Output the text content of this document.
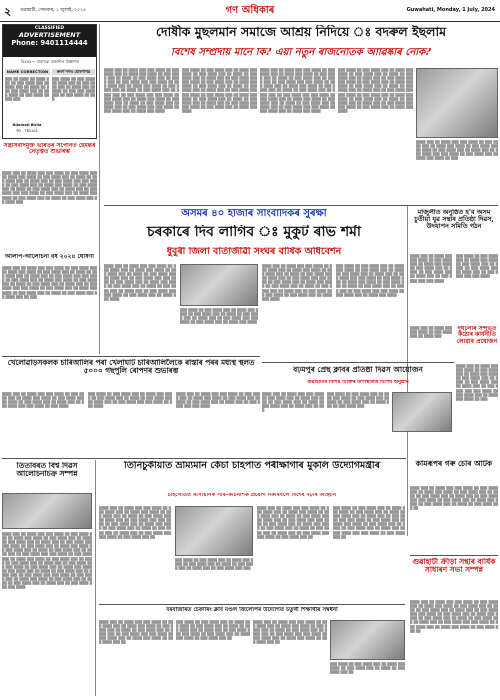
২	গুৱাহাটী, সোমবাৰ, ১ জুলাই, ২০২৪	গণ অধিকাৰ	Guwahati, Monday, 1 July, 2024
CLASSIFIED
ADVERTISEMENT
Phone: 9401114444
বিঃদ্ৰঃ— ৰাজহুৱা প্ৰকাশিত বিজ্ঞাপন
NAME CORRECTION	ৰুবৰ্ণ শপত ঘোষণাপত্ৰ
▒▒▒ ▒▒ ▒▒▒▒ ▒▒ ▒▒▒▒ ▒▒▒ ▒▒ ▒▒▒ ▒▒▒▒ ▒▒▒ ▒▒ ▒▒▒▒ ▒▒▒ ▒▒ ▒▒▒▒ ▒▒ ▒▒▒ ▒▒▒ ▒▒▒▒ ▒▒▒ ▒▒ ▒▒▒ ▒▒▒▒ ▒▒ ▒▒▒ ▒▒▒▒ ▒▒ ▒▒▒ ▒▒▒
▒▒▒ ▒▒▒▒ ▒▒ ▒▒▒ ▒▒▒▒ ▒▒ ▒▒▒▒ ▒▒▒ ▒▒ ▒▒▒ ▒▒▒▒ ▒▒▒ ▒▒ ▒▒▒▒ ▒▒▒ ▒▒ ▒▒▒▒ ▒▒ ▒▒▒ ▒▒▒ ▒▒▒▒ ▒▒▒ ▒▒ ▒▒▒ ▒▒▒▒ ▒▒ ▒▒▒
Nijamati Biriia
PO - 781102
সন্ত্ৰাসবাদমুক্ত ভাৰতৰ সপোনত হেমন্তৰ নেতৃত্বত শুভাৰম্ভ
▒▒▒▒ ▒▒▒ ▒▒ ▒▒▒▒ ▒▒▒ ▒▒▒ ▒▒▒▒ ▒▒ ▒▒▒ ▒▒▒▒ ▒▒▒ ▒▒ ▒▒▒▒ ▒▒▒ ▒▒▒▒ ▒▒ ▒▒▒ ▒▒▒▒ ▒▒▒ ▒▒ ▒▒▒▒ ▒▒ ▒▒▒ ▒▒▒▒ ▒▒▒ ▒▒ ▒▒▒▒ ▒▒▒ ▒▒ ▒▒▒ ▒▒▒▒ ▒▒▒ ▒▒▒ ▒▒▒▒ ▒▒ ▒▒▒ ▒▒▒▒ ▒▒▒ ▒▒ ▒▒▒▒ ▒▒▒ ▒▒▒▒ ▒▒ ▒▒▒ ▒▒▒▒ ▒▒▒ ▒▒ ▒▒▒▒ ▒▒ ▒▒▒ ▒▒▒▒ ▒▒▒ ▒▒ ▒▒▒▒ ▒▒▒ ▒▒ ▒▒▒ ▒▒▒▒ ▒▒▒ ▒▒▒ ▒▒▒▒ ▒▒ ▒▒▒ ▒▒▒▒ ▒▒▒ ▒▒ ▒▒▒▒ ▒▒▒ ▒▒▒▒ ▒▒ ▒▒▒ ▒▒▒▒ ▒▒▒ ▒▒ ▒▒▒▒ ▒▒ ▒▒▒ ▒▒▒▒ ▒▒▒ ▒▒ ▒▒▒▒ ▒▒▒
আলাপ-আলোচনা বৰ্ষ ২০২৪ ঘোষণা
▒▒▒▒ ▒▒▒ ▒▒ ▒▒▒▒ ▒▒▒ ▒▒▒ ▒▒▒▒ ▒▒ ▒▒▒ ▒▒▒▒ ▒▒▒ ▒▒ ▒▒▒▒ ▒▒▒ ▒▒▒▒ ▒▒ ▒▒▒ ▒▒▒▒ ▒▒▒ ▒▒ ▒▒▒▒ ▒▒ ▒▒▒ ▒▒▒▒ ▒▒▒ ▒▒ ▒▒▒▒ ▒▒▒ ▒▒ ▒▒▒ ▒▒▒▒ ▒▒▒ ▒▒▒ ▒▒▒▒ ▒▒ ▒▒▒ ▒▒▒▒ ▒▒▒ ▒▒ ▒▒▒▒ ▒▒▒ ▒▒▒▒ ▒▒ ▒▒▒ ▒▒▒▒ ▒▒▒ ▒▒ ▒▒▒▒ ▒▒ ▒▒▒ ▒▒▒▒ ▒▒▒ ▒▒ ▒▒▒▒ ▒▒▒ ▒▒ ▒▒▒ ▒▒▒▒ ▒▒▒ ▒▒▒ ▒▒▒▒ ▒▒ ▒▒▒ ▒▒▒▒ ▒▒▒ ▒▒ ▒▒▒▒ ▒▒▒ ▒▒▒▒ ▒▒ ▒▒▒ ▒▒▒▒ ▒▒▒ ▒▒ ▒▒▒▒ ▒▒ ▒▒▒ ▒▒▒▒ ▒▒▒ ▒▒ ▒▒▒▒ ▒▒▒ ▒▒ ▒▒▒
দোষীক মুছলমান সমাজে আশ্ৰয় নিদিয়ে ঃ বদৰুল ইছলাম
বিশেষ সম্প্ৰদায় মানে কি? এয়া নতুন ৰাজনৈতিক আৱিষ্কাৰ নেকি?
▒▒▒▒ ▒▒▒ ▒▒ ▒▒▒▒ ▒▒▒ ▒▒▒ ▒▒▒▒ ▒▒ ▒▒▒ ▒▒▒▒ ▒▒▒ ▒▒ ▒▒▒▒ ▒▒▒ ▒▒▒▒ ▒▒ ▒▒▒ ▒▒▒▒ ▒▒▒ ▒▒ ▒▒▒▒ ▒▒ ▒▒▒ ▒▒▒▒ ▒▒▒ ▒▒ ▒▒▒▒ ▒▒▒ ▒▒ ▒▒▒ ▒▒▒▒ ▒▒▒ ▒▒▒ ▒▒▒▒ ▒▒ ▒▒▒ ▒▒▒▒ ▒▒▒ ▒▒ ▒▒▒▒ ▒▒▒ ▒▒▒▒ ▒▒ ▒▒▒ ▒▒▒▒ ▒▒▒ ▒▒ ▒▒▒▒ ▒▒ ▒▒▒ ▒▒▒▒ ▒▒▒ ▒▒ ▒▒▒▒ ▒▒▒ ▒▒ ▒▒▒ ▒▒▒▒ ▒▒▒ ▒▒▒ ▒▒▒▒ ▒▒ ▒▒▒ ▒▒▒▒ ▒▒▒ ▒▒ ▒▒▒▒ ▒▒▒ ▒▒▒▒ ▒▒ ▒▒▒ ▒▒▒▒ ▒▒▒ ▒▒ ▒▒▒▒ ▒▒ ▒▒▒ ▒▒▒▒ ▒▒▒ ▒▒ ▒▒▒▒ ▒▒▒ ▒▒ ▒▒▒ ▒▒▒▒ ▒▒▒ ▒▒▒ ▒▒▒▒ ▒▒ ▒▒▒ ▒▒▒▒ ▒▒▒ ▒▒ ▒▒▒▒ ▒▒▒ ▒▒▒▒
▒▒▒ ▒▒▒▒ ▒▒ ▒▒▒ ▒▒▒▒ ▒▒▒ ▒▒ ▒▒▒▒ ▒▒▒ ▒▒▒▒ ▒▒ ▒▒▒ ▒▒▒▒ ▒▒▒ ▒▒ ▒▒▒▒ ▒▒ ▒▒▒ ▒▒▒▒ ▒▒▒ ▒▒ ▒▒▒▒ ▒▒▒ ▒▒ ▒▒▒ ▒▒▒▒ ▒▒▒ ▒▒▒ ▒▒▒▒ ▒▒ ▒▒▒ ▒▒▒▒ ▒▒▒ ▒▒ ▒▒▒▒ ▒▒▒ ▒▒▒▒ ▒▒ ▒▒▒ ▒▒▒▒ ▒▒▒ ▒▒ ▒▒▒▒ ▒▒ ▒▒▒ ▒▒▒▒ ▒▒▒ ▒▒ ▒▒▒▒ ▒▒▒ ▒▒ ▒▒▒ ▒▒▒▒ ▒▒▒ ▒▒▒ ▒▒▒▒ ▒▒ ▒▒▒ ▒▒▒▒ ▒▒▒ ▒▒ ▒▒▒▒ ▒▒▒ ▒▒▒▒ ▒▒ ▒▒▒ ▒▒▒▒ ▒▒▒ ▒▒ ▒▒▒▒ ▒▒ ▒▒▒ ▒▒▒▒ ▒▒▒ ▒▒ ▒▒▒▒ ▒▒▒ ▒▒ ▒▒▒ ▒▒▒▒ ▒▒▒ ▒▒▒ ▒▒▒▒ ▒▒ ▒▒▒ ▒▒▒▒ ▒▒▒ ▒▒ ▒▒▒▒ ▒▒▒ ▒▒▒▒
▒▒▒▒ ▒▒▒ ▒▒ ▒▒▒▒ ▒▒▒ ▒▒▒ ▒▒▒▒ ▒▒ ▒▒▒ ▒▒▒▒ ▒▒▒ ▒▒ ▒▒▒▒ ▒▒▒ ▒▒▒▒ ▒▒ ▒▒▒ ▒▒▒▒ ▒▒▒ ▒▒ ▒▒▒▒ ▒▒ ▒▒▒ ▒▒▒▒ ▒▒▒ ▒▒ ▒▒▒▒ ▒▒▒ ▒▒ ▒▒▒ ▒▒▒▒ ▒▒▒ ▒▒▒ ▒▒▒▒ ▒▒ ▒▒▒ ▒▒▒▒ ▒▒▒ ▒▒ ▒▒▒▒ ▒▒▒ ▒▒▒▒ ▒▒ ▒▒▒ ▒▒▒▒ ▒▒▒ ▒▒ ▒▒▒▒ ▒▒ ▒▒▒ ▒▒▒▒ ▒▒▒ ▒▒ ▒▒▒▒ ▒▒▒ ▒▒ ▒▒▒ ▒▒▒▒ ▒▒▒ ▒▒▒ ▒▒▒▒ ▒▒ ▒▒▒ ▒▒▒▒ ▒▒▒ ▒▒ ▒▒▒▒ ▒▒▒ ▒▒▒▒ ▒▒ ▒▒▒ ▒▒▒▒ ▒▒▒ ▒▒ ▒▒▒▒ ▒▒ ▒▒▒ ▒▒▒▒ ▒▒▒ ▒▒ ▒▒▒▒ ▒▒▒ ▒▒ ▒▒▒ ▒▒▒▒ ▒▒▒ ▒▒▒ ▒▒▒▒ ▒▒ ▒▒▒ ▒▒▒▒ ▒▒▒ ▒▒ ▒▒▒▒ ▒▒▒ ▒▒▒▒
▒▒▒ ▒▒▒▒ ▒▒ ▒▒▒ ▒▒▒▒ ▒▒▒ ▒▒ ▒▒▒▒ ▒▒▒ ▒▒▒▒ ▒▒ ▒▒▒ ▒▒▒▒ ▒▒▒ ▒▒ ▒▒▒▒ ▒▒ ▒▒▒ ▒▒▒▒ ▒▒▒ ▒▒ ▒▒▒▒ ▒▒▒ ▒▒ ▒▒▒ ▒▒▒▒ ▒▒▒ ▒▒▒ ▒▒▒▒ ▒▒ ▒▒▒ ▒▒▒▒ ▒▒▒ ▒▒ ▒▒▒▒ ▒▒▒ ▒▒▒▒ ▒▒ ▒▒▒ ▒▒▒▒ ▒▒▒ ▒▒ ▒▒▒▒ ▒▒ ▒▒▒ ▒▒▒▒ ▒▒▒ ▒▒ ▒▒▒▒ ▒▒▒ ▒▒ ▒▒▒ ▒▒▒▒ ▒▒▒ ▒▒▒ ▒▒▒▒ ▒▒ ▒▒▒ ▒▒▒▒ ▒▒▒ ▒▒ ▒▒▒▒ ▒▒▒ ▒▒▒▒ ▒▒ ▒▒▒ ▒▒▒▒ ▒▒▒ ▒▒ ▒▒▒▒ ▒▒ ▒▒▒ ▒▒▒▒ ▒▒▒ ▒▒ ▒▒▒▒ ▒▒▒ ▒▒ ▒▒▒ ▒▒▒▒ ▒▒▒ ▒▒▒ ▒▒▒▒ ▒▒ ▒▒▒ ▒▒▒▒ ▒▒▒ ▒▒ ▒▒▒▒ ▒▒▒ ▒▒▒▒
▒▒▒▒ ▒▒▒ ▒▒ ▒▒▒▒ ▒▒▒ ▒▒▒ ▒▒▒▒ ▒▒ ▒▒▒ ▒▒▒▒ ▒▒▒ ▒▒ ▒▒▒▒ ▒▒▒ ▒▒▒▒ ▒▒ ▒▒▒ ▒▒▒▒ ▒▒▒ ▒▒ ▒▒▒▒ ▒▒ ▒▒▒ ▒▒▒▒ ▒▒▒ ▒▒ ▒▒▒▒ ▒▒▒ ▒▒ ▒▒▒ ▒▒▒▒ ▒▒▒ ▒▒▒ ▒▒▒▒ ▒▒ ▒▒▒ ▒▒▒▒ ▒▒▒ ▒▒ ▒▒▒▒ ▒▒▒ ▒▒▒▒ ▒▒ ▒▒▒
অসমৰ ৪০ হাজাৰ সাংবাদিকৰ সুৰক্ষা
চৰকাৰে দিব লাগিব ঃ মুকুট ৰাভ শৰ্মা
ধুবুৰী জিলা বাৰ্তাজীৱী সংঘৰ বাৰ্ষিক অধিবেশন
▒▒▒▒ ▒▒▒ ▒▒ ▒▒▒▒ ▒▒▒ ▒▒▒ ▒▒▒▒ ▒▒ ▒▒▒ ▒▒▒▒ ▒▒▒ ▒▒ ▒▒▒▒ ▒▒▒ ▒▒▒▒ ▒▒ ▒▒▒ ▒▒▒▒ ▒▒▒ ▒▒ ▒▒▒▒ ▒▒ ▒▒▒ ▒▒▒▒ ▒▒▒ ▒▒ ▒▒▒▒ ▒▒▒ ▒▒ ▒▒▒ ▒▒▒▒ ▒▒▒ ▒▒▒ ▒▒▒▒ ▒▒ ▒▒▒ ▒▒▒▒ ▒▒▒ ▒▒ ▒▒▒▒ ▒▒▒ ▒▒▒▒ ▒▒ ▒▒▒ ▒▒▒▒ ▒▒▒ ▒▒ ▒▒▒▒ ▒▒ ▒▒▒ ▒▒▒▒ ▒▒▒ ▒▒ ▒▒▒▒ ▒▒▒ ▒▒ ▒▒▒ ▒▒▒▒ ▒▒▒ ▒▒▒ ▒▒▒▒ ▒▒ ▒▒▒ ▒▒▒▒ ▒▒▒ ▒▒ ▒▒▒▒ ▒▒▒ ▒▒▒▒
▒▒▒ ▒▒▒▒ ▒▒ ▒▒▒ ▒▒▒▒ ▒▒▒ ▒▒ ▒▒▒▒ ▒▒▒ ▒▒▒▒ ▒▒ ▒▒▒ ▒▒▒▒ ▒▒▒ ▒▒ ▒▒▒▒ ▒▒ ▒▒▒ ▒▒▒▒ ▒▒▒ ▒▒ ▒▒▒▒ ▒▒▒ ▒▒ ▒▒▒ ▒▒▒▒ ▒▒▒ ▒▒▒ ▒▒▒▒ ▒▒ ▒▒▒ ▒▒▒▒ ▒▒▒ ▒▒ ▒▒▒▒ ▒▒▒ ▒▒▒▒
▒▒▒▒ ▒▒▒ ▒▒ ▒▒▒▒ ▒▒▒ ▒▒▒ ▒▒▒▒ ▒▒ ▒▒▒ ▒▒▒▒ ▒▒▒ ▒▒ ▒▒▒▒ ▒▒▒ ▒▒▒▒ ▒▒ ▒▒▒ ▒▒▒▒ ▒▒▒ ▒▒ ▒▒▒▒ ▒▒ ▒▒▒ ▒▒▒▒ ▒▒▒ ▒▒ ▒▒▒▒ ▒▒▒ ▒▒ ▒▒▒ ▒▒▒▒ ▒▒▒ ▒▒▒ ▒▒▒▒ ▒▒ ▒▒▒ ▒▒▒▒ ▒▒▒ ▒▒ ▒▒▒▒ ▒▒▒ ▒▒▒▒ ▒▒ ▒▒▒ ▒▒▒▒ ▒▒▒ ▒▒ ▒▒▒▒ ▒▒ ▒▒▒ ▒▒▒▒ ▒▒▒ ▒▒ ▒▒▒▒ ▒▒▒ ▒▒ ▒▒▒ ▒▒▒▒ ▒▒▒ ▒▒▒ ▒▒▒▒ ▒▒ ▒▒▒ ▒▒▒▒ ▒▒▒ ▒▒ ▒▒▒▒ ▒▒▒ ▒▒▒▒
▒▒▒ ▒▒▒▒ ▒▒ ▒▒▒ ▒▒▒▒ ▒▒▒ ▒▒ ▒▒▒▒ ▒▒▒ ▒▒▒▒ ▒▒ ▒▒▒ ▒▒▒▒ ▒▒▒ ▒▒ ▒▒▒▒ ▒▒ ▒▒▒ ▒▒▒▒ ▒▒▒ ▒▒ ▒▒▒▒ ▒▒▒ ▒▒ ▒▒▒ ▒▒▒▒ ▒▒▒ ▒▒▒ ▒▒▒▒ ▒▒ ▒▒▒ ▒▒▒▒ ▒▒▒ ▒▒ ▒▒▒▒ ▒▒▒ ▒▒▒▒ ▒▒ ▒▒▒ ▒▒▒▒ ▒▒▒ ▒▒ ▒▒▒▒ ▒▒ ▒▒▒ ▒▒▒▒ ▒▒▒ ▒▒ ▒▒▒▒ ▒▒▒ ▒▒ ▒▒▒ ▒▒▒▒ ▒▒▒ ▒▒▒ ▒▒▒▒ ▒▒ ▒▒▒ ▒▒▒▒ ▒▒▒ ▒▒ ▒▒▒▒ ▒▒▒ ▒▒▒▒
মাজুলীত অনুষ্ঠিত হ'ব অসম চুতীয়া যুৱ সন্থাৰ প্ৰতিষ্ঠা দিৱস, উদযাপন সমিতি গঠন
▒▒▒▒ ▒▒▒ ▒▒ ▒▒▒▒ ▒▒▒ ▒▒▒ ▒▒▒▒ ▒▒ ▒▒▒ ▒▒▒▒ ▒▒▒ ▒▒ ▒▒▒▒ ▒▒▒ ▒▒▒▒ ▒▒ ▒▒▒ ▒▒▒▒ ▒▒▒ ▒▒ ▒▒▒▒ ▒▒ ▒▒▒ ▒▒▒▒ ▒▒▒ ▒▒ ▒▒▒▒ ▒▒▒ ▒▒ ▒▒▒ ▒▒▒▒ ▒▒▒ ▒▒▒ ▒▒▒▒
▒▒▒ ▒▒▒▒ ▒▒ ▒▒▒ ▒▒▒▒ ▒▒▒ ▒▒ ▒▒▒▒ ▒▒▒ ▒▒▒▒ ▒▒ ▒▒▒ ▒▒▒▒ ▒▒▒ ▒▒ ▒▒▒▒ ▒▒ ▒▒▒ ▒▒▒▒ ▒▒▒ ▒▒ ▒▒▒▒ ▒▒▒ ▒▒ ▒▒▒ ▒▒▒▒ ▒▒▒ ▒▒▒ ▒▒▒▒
দুৰ্ঘটনাৰ সন্দৰ্ভত কঠোৰ কাৰ্যনীতি লোৱাৰ প্ৰয়োজন
▒▒▒▒ ▒▒▒ ▒▒ ▒▒▒▒ ▒▒▒ ▒▒▒ ▒▒▒▒ ▒▒ ▒▒▒ ▒▒▒▒ ▒▒▒ ▒▒ ▒▒▒▒ ▒▒▒ ▒▒▒▒ ▒▒ ▒▒▒ ▒▒▒▒ ▒▒▒ ▒▒ ▒▒▒▒ ▒▒ ▒▒▒ ▒▒▒▒ ▒▒▒ ▒▒ ▒▒▒▒ ▒▒▒ ▒▒ ▒▒▒ ▒▒▒▒ ▒▒▒ ▒▒▒ ▒▒▒▒ ▒▒ ▒▒▒ ▒▒▒▒ ▒▒▒ ▒▒ ▒▒▒▒ ▒▒▒ ▒▒▒▒ ▒▒ ▒▒▒
▒▒▒▒ ▒▒▒ ▒▒ ▒▒▒▒ ▒▒▒ ▒▒▒ ▒▒▒▒ ▒▒ ▒▒▒ ▒▒▒▒ ▒▒▒ ▒▒ ▒▒▒▒ ▒▒▒
বঢ়মপুৰ প্ৰেছ ক্লাবৰ প্ৰতিষ্ঠা দিৱস আয়োজন
গুৱাহাটীৰ বিশিষ্ট ব্যক্তিৰ উপস্থিতিত বিশেষ অনুষ্ঠান
▒▒▒▒ ▒▒▒ ▒▒ ▒▒▒▒ ▒▒▒ ▒▒▒ ▒▒▒▒ ▒▒ ▒▒▒ ▒▒▒▒ ▒▒▒ ▒▒ ▒▒▒▒ ▒▒▒ ▒▒▒▒ ▒▒ ▒▒▒ ▒▒▒▒ ▒▒▒ ▒▒ ▒▒▒▒ ▒▒ ▒▒▒ ▒▒▒▒ ▒▒▒ ▒▒ ▒▒▒▒ ▒▒▒ ▒▒ ▒▒▒
▒▒▒ ▒▒▒▒ ▒▒ ▒▒▒ ▒▒▒▒ ▒▒▒ ▒▒ ▒▒▒▒ ▒▒▒ ▒▒▒▒ ▒▒ ▒▒▒ ▒▒▒▒ ▒▒▒ ▒▒ ▒▒▒▒ ▒▒ ▒▒▒ ▒▒▒▒ ▒▒▒ ▒▒ ▒▒▒▒ ▒▒▒ ▒▒ ▒▒▒ ▒▒▒▒ ▒▒▒
খেলোৱাড়সকলক চাৰিআলিৰ পৰা খেলাঘাট চাৰিআলিলৈকে ৰাস্তাৰ পৰৰ মধ্যস্থ স্থলত ৫০০০ গছপুলি ৰোপণৰ শুভাৰম্ভ
▒▒▒▒ ▒▒▒ ▒▒ ▒▒▒▒ ▒▒▒ ▒▒▒ ▒▒▒▒ ▒▒ ▒▒▒ ▒▒▒▒ ▒▒▒ ▒▒ ▒▒▒▒ ▒▒▒ ▒▒▒▒ ▒▒ ▒▒▒ ▒▒▒▒ ▒▒▒ ▒▒ ▒▒▒▒ ▒▒ ▒▒▒ ▒▒▒▒ ▒▒▒ ▒▒ ▒▒▒▒ ▒▒▒ ▒▒ ▒▒▒ ▒▒▒▒ ▒▒▒ ▒▒▒ ▒▒▒▒ ▒▒ ▒▒▒ ▒▒▒▒
▒▒▒ ▒▒▒▒ ▒▒ ▒▒▒ ▒▒▒▒ ▒▒▒ ▒▒ ▒▒▒▒ ▒▒▒ ▒▒▒▒ ▒▒ ▒▒▒ ▒▒▒▒ ▒▒▒ ▒▒ ▒▒▒▒ ▒▒ ▒▒▒ ▒▒▒▒ ▒▒▒ ▒▒ ▒▒▒▒ ▒▒▒ ▒▒ ▒▒▒ ▒▒▒▒ ▒▒▒ ▒▒▒ ▒▒▒▒ ▒▒ ▒▒▒ ▒▒▒▒
▒▒▒▒ ▒▒▒ ▒▒ ▒▒▒▒ ▒▒▒ ▒▒▒ ▒▒▒▒ ▒▒ ▒▒▒ ▒▒▒▒ ▒▒▒ ▒▒ ▒▒▒▒ ▒▒▒ ▒▒▒▒ ▒▒ ▒▒▒ ▒▒▒▒ ▒▒▒ ▒▒ ▒▒▒▒ ▒▒ ▒▒▒ ▒▒▒▒ ▒▒▒ ▒▒ ▒▒▒▒ ▒▒▒ ▒▒ ▒▒▒ ▒▒▒▒ ▒▒▒ ▒▒▒ ▒▒▒▒
কামৰূপৰ গৰু চোৰ আটক
▒▒▒▒ ▒▒▒ ▒▒ ▒▒▒▒ ▒▒▒ ▒▒▒ ▒▒▒▒ ▒▒ ▒▒▒ ▒▒▒▒ ▒▒▒ ▒▒ ▒▒▒▒ ▒▒▒ ▒▒▒▒ ▒▒ ▒▒▒ ▒▒▒▒ ▒▒▒ ▒▒ ▒▒▒▒ ▒▒ ▒▒▒ ▒▒▒▒ ▒▒▒ ▒▒ ▒▒▒▒ ▒▒▒ ▒▒ ▒▒▒ ▒▒▒▒ ▒▒▒ ▒▒▒ ▒▒▒▒ ▒▒ ▒▒▒ ▒▒▒▒ ▒▒▒ ▒▒ ▒▒▒▒ ▒▒▒ ▒▒▒▒ ▒▒ ▒▒▒ ▒▒▒▒ ▒▒▒ ▒▒ ▒▒▒▒ ▒▒ ▒▒▒ ▒▒▒▒ ▒▒▒ ▒▒
তিতাবৰত বিশ্ব দিৱস আলোচনাচক্ৰ সম্পন্ন
▒▒▒▒ ▒▒▒ ▒▒ ▒▒▒▒ ▒▒▒ ▒▒▒ ▒▒▒▒ ▒▒ ▒▒▒ ▒▒▒▒ ▒▒▒ ▒▒ ▒▒▒▒ ▒▒▒ ▒▒▒▒ ▒▒ ▒▒▒ ▒▒▒▒ ▒▒▒ ▒▒ ▒▒▒▒ ▒▒ ▒▒▒ ▒▒▒▒ ▒▒▒ ▒▒ ▒▒▒▒ ▒▒▒ ▒▒ ▒▒▒ ▒▒▒▒ ▒▒▒ ▒▒▒ ▒▒▒▒ ▒▒ ▒▒▒ ▒▒▒▒ ▒▒▒ ▒▒ ▒▒▒▒ ▒▒▒ ▒▒▒▒ ▒▒ ▒▒▒ ▒▒▒▒ ▒▒▒ ▒▒ ▒▒▒▒ ▒▒ ▒▒▒ ▒▒▒▒ ▒▒▒ ▒▒ ▒▒▒▒ ▒▒▒ ▒▒ ▒▒▒ ▒▒▒▒ ▒▒▒ ▒▒▒ ▒▒▒▒ ▒▒ ▒▒▒ ▒▒▒▒ ▒▒▒ ▒▒ ▒▒▒▒ ▒▒▒ ▒▒▒▒ ▒▒ ▒▒▒ ▒▒▒▒ ▒▒▒ ▒▒ ▒▒▒▒ ▒▒ ▒▒▒ ▒▒▒▒ ▒▒▒ ▒▒ ▒▒▒▒ ▒▒▒ ▒▒ ▒▒▒ ▒▒▒▒ ▒▒▒ ▒▒▒ ▒▒▒▒ ▒▒ ▒▒▒ ▒▒▒▒ ▒▒▒ ▒▒ ▒▒▒▒ ▒▒▒ ▒▒▒▒ ▒▒ ▒▒▒ ▒▒▒▒ ▒▒▒ ▒▒ ▒▒▒▒ ▒▒ ▒▒▒ ▒▒▒▒ ▒▒▒ ▒▒ ▒▒▒▒ ▒▒▒ ▒▒ ▒▒▒ ▒▒▒▒ ▒▒▒ ▒▒▒ ▒▒▒▒ ▒▒ ▒▒▒ ▒▒▒▒ ▒▒▒ ▒▒ ▒▒▒▒ ▒▒▒ ▒▒▒▒ ▒▒ ▒▒▒ ▒▒▒▒ ▒▒▒ ▒▒ ▒▒▒▒ ▒▒ ▒▒▒ ▒▒▒▒ ▒▒▒ ▒▒ ▒▒▒▒ ▒▒▒ ▒▒ ▒▒▒ ▒▒▒▒ ▒▒▒ ▒▒▒ ▒▒▒▒
তিনিচুকীয়াত ভ্ৰাম্যমান কেঁচা চাহপাত পৰীক্ষাগাৰ মুকলি উদ্যোগমন্ত্ৰীৰ
চাহখেতিত ৰাসায়নিক সাৰ-কীটনাশক প্ৰয়োগ নকৰিবলৈ বিশেষ বঢ়াৰ আহ্বান
▒▒▒▒ ▒▒▒ ▒▒ ▒▒▒▒ ▒▒▒ ▒▒▒ ▒▒▒▒ ▒▒ ▒▒▒ ▒▒▒▒ ▒▒▒ ▒▒ ▒▒▒▒ ▒▒▒ ▒▒▒▒ ▒▒ ▒▒▒ ▒▒▒▒ ▒▒▒ ▒▒ ▒▒▒▒ ▒▒ ▒▒▒ ▒▒▒▒ ▒▒▒ ▒▒ ▒▒▒▒ ▒▒▒ ▒▒ ▒▒▒ ▒▒▒▒ ▒▒▒ ▒▒▒ ▒▒▒▒ ▒▒ ▒▒▒ ▒▒▒▒ ▒▒▒ ▒▒ ▒▒▒▒ ▒▒▒ ▒▒▒▒ ▒▒ ▒▒▒ ▒▒▒▒ ▒▒▒ ▒▒ ▒▒▒▒ ▒▒ ▒▒▒ ▒▒▒▒ ▒▒▒ ▒▒ ▒▒▒▒ ▒▒▒ ▒▒ ▒▒▒ ▒▒▒▒ ▒▒▒ ▒▒▒ ▒▒▒▒ ▒▒ ▒▒▒ ▒▒▒▒ ▒▒▒ ▒▒
▒▒▒ ▒▒▒▒ ▒▒ ▒▒▒ ▒▒▒▒ ▒▒▒ ▒▒ ▒▒▒▒ ▒▒▒ ▒▒▒▒ ▒▒ ▒▒▒ ▒▒▒▒ ▒▒▒ ▒▒ ▒▒▒▒ ▒▒ ▒▒▒ ▒▒▒▒ ▒▒▒ ▒▒ ▒▒▒▒ ▒▒▒ ▒▒ ▒▒▒ ▒▒▒▒ ▒▒▒ ▒▒▒
▒▒▒▒ ▒▒▒ ▒▒ ▒▒▒▒ ▒▒▒ ▒▒▒ ▒▒▒▒ ▒▒ ▒▒▒ ▒▒▒▒ ▒▒▒ ▒▒ ▒▒▒▒ ▒▒▒ ▒▒▒▒ ▒▒ ▒▒▒ ▒▒▒▒ ▒▒▒ ▒▒ ▒▒▒▒ ▒▒ ▒▒▒ ▒▒▒▒ ▒▒▒ ▒▒ ▒▒▒▒ ▒▒▒ ▒▒ ▒▒▒ ▒▒▒▒ ▒▒▒ ▒▒▒ ▒▒▒▒ ▒▒ ▒▒▒ ▒▒▒▒ ▒▒▒ ▒▒ ▒▒▒▒ ▒▒▒ ▒▒▒▒ ▒▒ ▒▒▒ ▒▒▒▒ ▒▒▒ ▒▒ ▒▒▒▒ ▒▒ ▒▒▒ ▒▒▒▒ ▒▒▒ ▒▒ ▒▒▒▒ ▒▒▒ ▒▒ ▒▒▒ ▒▒▒▒ ▒▒▒ ▒▒▒ ▒▒▒▒ ▒▒ ▒▒▒ ▒▒▒▒ ▒▒▒ ▒▒
▒▒▒ ▒▒▒▒ ▒▒ ▒▒▒ ▒▒▒▒ ▒▒▒ ▒▒ ▒▒▒▒ ▒▒▒ ▒▒▒▒ ▒▒ ▒▒▒ ▒▒▒▒ ▒▒▒ ▒▒ ▒▒▒▒ ▒▒ ▒▒▒ ▒▒▒▒ ▒▒▒ ▒▒ ▒▒▒▒ ▒▒▒ ▒▒ ▒▒▒ ▒▒▒▒ ▒▒▒ ▒▒▒ ▒▒▒▒ ▒▒ ▒▒▒ ▒▒▒▒ ▒▒▒ ▒▒ ▒▒▒▒ ▒▒▒ ▒▒▒▒ ▒▒ ▒▒▒ ▒▒▒▒ ▒▒▒ ▒▒ ▒▒▒▒ ▒▒ ▒▒▒ ▒▒▒▒ ▒▒▒ ▒▒ ▒▒▒▒ ▒▒▒ ▒▒ ▒▒▒ ▒▒▒▒ ▒▒▒ ▒▒▒ ▒▒▒▒ ▒▒ ▒▒▒ ▒▒▒▒ ▒▒▒ ▒▒
বৰবাজাৰত চেকাৰিং ক্লাব মণ্ডল জিলেপিৰ উদ্যোগত চতুৰ্থী শিক্ষাৰ্থীৰ সম্বৰ্ধনা
▒▒▒▒ ▒▒▒ ▒▒ ▒▒▒▒ ▒▒▒ ▒▒▒ ▒▒▒▒ ▒▒ ▒▒▒ ▒▒▒▒ ▒▒▒ ▒▒ ▒▒▒▒ ▒▒▒ ▒▒▒▒ ▒▒ ▒▒▒ ▒▒▒▒ ▒▒▒ ▒▒ ▒▒▒▒ ▒▒ ▒▒▒ ▒▒▒▒ ▒▒▒ ▒▒ ▒▒▒▒ ▒▒▒ ▒▒ ▒▒▒ ▒▒▒▒ ▒▒▒ ▒▒▒ ▒▒▒▒ ▒▒ ▒▒▒ ▒▒▒▒ ▒▒▒ ▒▒ ▒▒▒▒ ▒▒▒ ▒▒▒▒ ▒▒ ▒▒▒ ▒▒▒▒ ▒▒▒ ▒▒
▒▒▒ ▒▒▒▒ ▒▒ ▒▒▒ ▒▒▒▒ ▒▒▒ ▒▒ ▒▒▒▒ ▒▒▒ ▒▒▒▒ ▒▒ ▒▒▒ ▒▒▒▒ ▒▒▒ ▒▒ ▒▒▒▒ ▒▒ ▒▒▒ ▒▒▒▒ ▒▒▒ ▒▒ ▒▒▒▒ ▒▒▒ ▒▒ ▒▒▒ ▒▒▒▒ ▒▒▒ ▒▒▒ ▒▒▒▒ ▒▒ ▒▒▒ ▒▒▒▒ ▒▒▒ ▒▒ ▒▒▒▒ ▒▒▒ ▒▒▒▒ ▒▒ ▒▒▒ ▒▒▒▒ ▒▒▒ ▒▒
▒▒▒▒ ▒▒▒ ▒▒ ▒▒▒▒ ▒▒▒ ▒▒▒ ▒▒▒▒ ▒▒ ▒▒▒ ▒▒▒▒ ▒▒▒ ▒▒ ▒▒▒▒ ▒▒▒ ▒▒▒▒ ▒▒ ▒▒▒ ▒▒▒▒ ▒▒▒ ▒▒ ▒▒▒▒ ▒▒ ▒▒▒ ▒▒▒▒ ▒▒▒ ▒▒ ▒▒▒▒ ▒▒▒ ▒▒ ▒▒▒ ▒▒▒▒ ▒▒▒ ▒▒▒ ▒▒▒▒ ▒▒ ▒▒▒ ▒▒▒▒ ▒▒▒ ▒▒ ▒▒▒▒ ▒▒▒ ▒▒▒▒ ▒▒ ▒▒▒ ▒▒▒▒ ▒▒▒ ▒▒
▒▒▒ ▒▒▒▒ ▒▒ ▒▒▒ ▒▒▒▒ ▒▒▒ ▒▒ ▒▒▒▒ ▒▒▒ ▒▒▒▒ ▒▒ ▒▒▒ ▒▒▒▒ ▒▒▒ ▒▒ ▒▒▒▒ ▒▒ ▒▒▒ ▒▒▒▒ ▒▒▒ ▒▒
গুৱাহাটী ক্ৰীড়া সন্থাৰ বাৰ্ষিক সাধাৰণ সভা সম্পন্ন
▒▒▒▒ ▒▒▒ ▒▒ ▒▒▒▒ ▒▒▒ ▒▒▒ ▒▒▒▒ ▒▒ ▒▒▒ ▒▒▒▒ ▒▒▒ ▒▒ ▒▒▒▒ ▒▒▒ ▒▒▒▒ ▒▒ ▒▒▒ ▒▒▒▒ ▒▒▒ ▒▒ ▒▒▒▒ ▒▒ ▒▒▒ ▒▒▒▒ ▒▒▒ ▒▒ ▒▒▒▒ ▒▒▒ ▒▒ ▒▒▒ ▒▒▒▒ ▒▒▒ ▒▒▒ ▒▒▒▒ ▒▒ ▒▒▒ ▒▒▒▒ ▒▒▒ ▒▒ ▒▒▒▒ ▒▒▒ ▒▒▒▒ ▒▒ ▒▒▒ ▒▒▒▒ ▒▒▒ ▒▒ ▒▒▒▒ ▒▒ ▒▒▒ ▒▒▒▒ ▒▒▒ ▒▒ ▒▒▒▒ ▒▒▒ ▒▒ ▒▒▒ ▒▒▒▒ ▒▒▒ ▒▒▒ ▒▒▒▒ ▒▒ ▒▒▒ ▒▒▒▒ ▒▒▒ ▒▒ ▒▒▒▒ ▒▒▒ ▒▒▒▒ ▒▒ ▒▒▒ ▒▒▒▒ ▒▒▒ ▒▒
